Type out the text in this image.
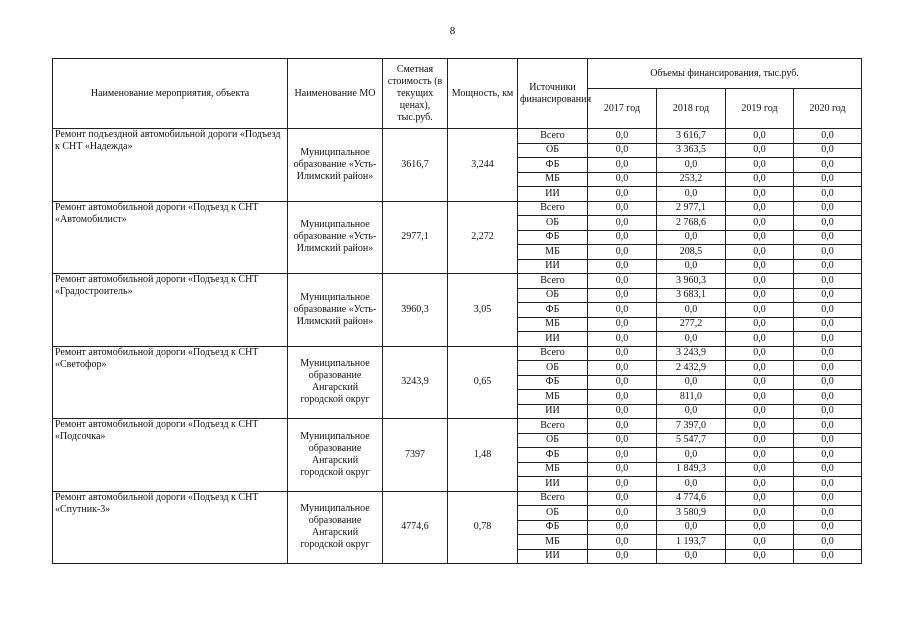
8
Наименование мероприятия, объекта	Наименование МО	Сметная стоимость (в текущих ценах), тыс.руб.	Мощность, км	Источники финансирования	Объемы финансирования, тыс.руб.			
					2017 год	2018 год	2019 год	2020 год
Ремонт подъездной автомобильной дороги «Подъезд к СНТ «Надежда»	Муниципальное образование «Усть-Илимский район»	3616,7	3,244	Всего	0,0	3 616,7	0,0	0,0
				ОБ	0,0	3 363,5	0,0	0,0
				ФБ	0,0	0,0	0,0	0,0
				МБ	0,0	253,2	0,0	0,0
				ИИ	0,0	0,0	0,0	0,0
Ремонт автомобильной дороги «Подъезд к СНТ «Автомобилист»	Муниципальное образование «Усть-Илимский район»	2977,1	2,272	Всего	0,0	2 977,1	0,0	0,0
				ОБ	0,0	2 768,6	0,0	0,0
				ФБ	0,0	0,0	0,0	0,0
				МБ	0,0	208,5	0,0	0,0
				ИИ	0,0	0,0	0,0	0,0
Ремонт автомобильной дороги «Подъезд к СНТ «Градостроитель»	Муниципальное образование «Усть-Илимский район»	3960,3	3,05	Всего	0,0	3 960,3	0,0	0,0
				ОБ	0,0	3 683,1	0,0	0,0
				ФБ	0,0	0,0	0,0	0,0
				МБ	0,0	277,2	0,0	0,0
				ИИ	0,0	0,0	0,0	0,0
Ремонт автомобильной дороги «Подъезд к СНТ «Светофор»	Муниципальное образование Ангарский городской округ	3243,9	0,65	Всего	0,0	3 243,9	0,0	0,0
				ОБ	0,0	2 432,9	0,0	0,0
				ФБ	0,0	0,0	0,0	0,0
				МБ	0,0	811,0	0,0	0,0
				ИИ	0,0	0,0	0,0	0,0
Ремонт автомобильной дороги «Подъезд к СНТ «Подсочка»	Муниципальное образование Ангарский городской округ	7397	1,48	Всего	0,0	7 397,0	0,0	0,0
				ОБ	0,0	5 547,7	0,0	0,0
				ФБ	0,0	0,0	0,0	0,0
				МБ	0,0	1 849,3	0,0	0,0
				ИИ	0,0	0,0	0,0	0,0
Ремонт автомобильной дороги «Подъезд к СНТ «Спутник-3»	Муниципальное образование Ангарский городской округ	4774,6	0,78	Всего	0,0	4 774,6	0,0	0,0
				ОБ	0,0	3 580,9	0,0	0,0
				ФБ	0,0	0,0	0,0	0,0
				МБ	0,0	1 193,7	0,0	0,0
				ИИ	0,0	0,0	0,0	0,0
